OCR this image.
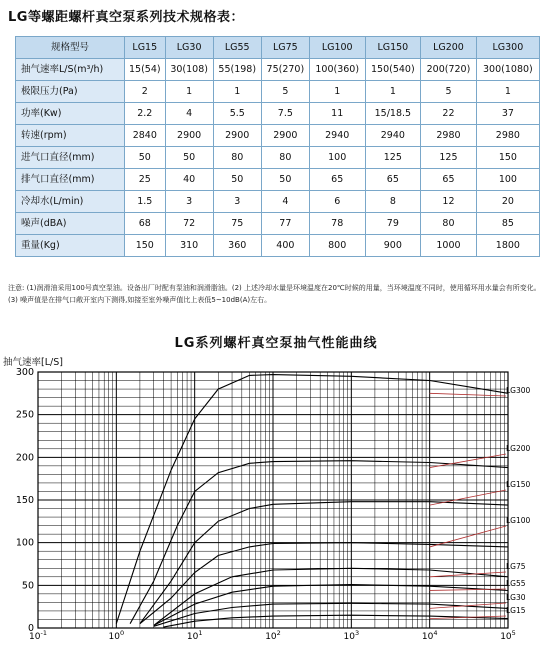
LG等螺距螺杆真空泵系列技术规格表：
规格型号	LG15	LG30	LG55	LG75	LG100	LG150	LG200	LG300
抽气速率L/S(m³/h)	15(54)	30(108)	55(198)	75(270)	100(360)	150(540)	200(720)	300(1080)
极限压力(Pa)	2	1	1	5	1	1	5	1
功率(Kw)	2.2	4	5.5	7.5	11	15/18.5	22	37
转速(rpm)	2840	2900	2900	2900	2940	2940	2980	2980
进气口直径(mm)	50	50	80	80	100	125	125	150
排气口直径(mm)	25	40	50	50	65	65	65	100
冷却水(L/min)	1.5	3	3	4	6	8	12	20
噪声(dBA)	68	72	75	77	78	79	80	85
重量(Kg)	150	310	360	400	800	900	1000	1800
注意: (1)润滑油采用100号真空泵油。设备出厂时配有泵油和润滑脂油。(2) 上述冷却水量是环境温度在20℃时候的用量，当环境温度不同时，使用循环用水量会有所变化。(3) 噪声值是在排气口敞开室内下测得,如接至室外噪声值比上表低5~10dB(A)左右。
LG系列螺杆真空泵抽气性能曲线
抽气速率[L/S]
0
50
100
150
200
250
300
$10^{-1}$	$10^0$	$10^1$	$10^2$	$10^3$	$10^4$	$10^5$
LG300
LG200
LG150
LG100
LG75
LG55
LG30
LG15
